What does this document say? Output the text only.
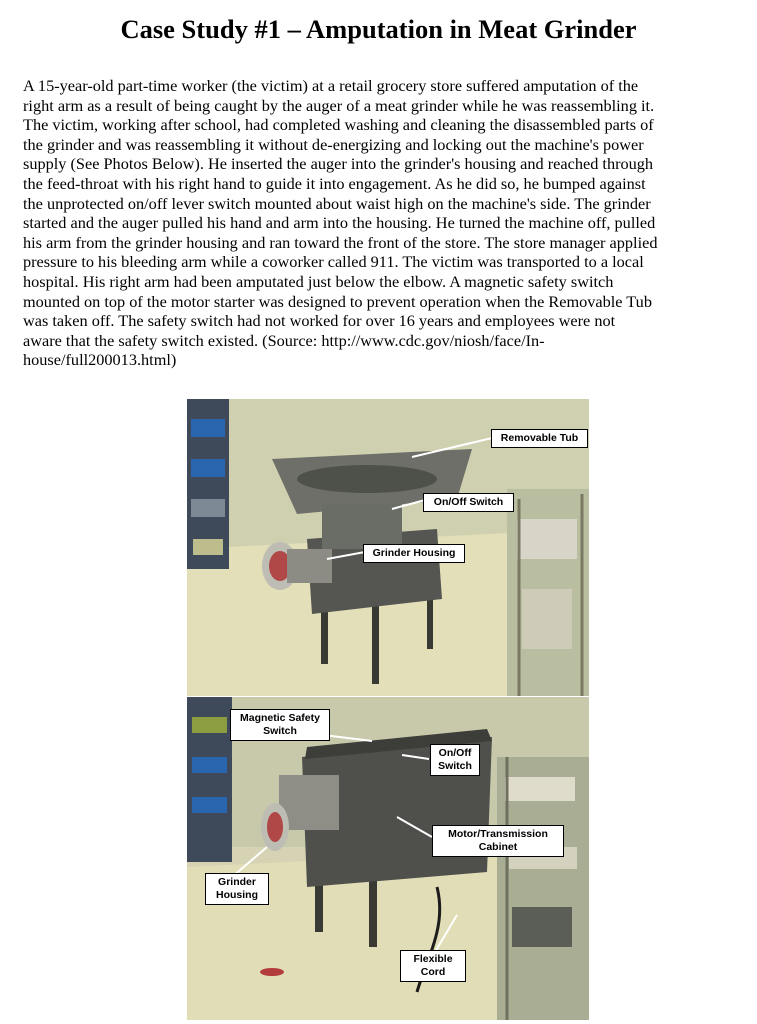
Case Study #1 – Amputation in Meat Grinder
A 15-year-old part-time worker (the victim) at a retail grocery store suffered amputation of the
right arm as a result of being caught by the auger of a meat grinder while he was reassembling it.
The victim, working after school, had completed washing and cleaning the disassembled parts of
the grinder and was reassembling it without de-energizing and locking out the machine's power
supply (See Photos Below). He inserted the auger into the grinder's housing and reached through
the feed-throat with his right hand to guide it into engagement. As he did so, he bumped against
the unprotected on/off lever switch mounted about waist high on the machine's side. The grinder
started and the auger pulled his hand and arm into the housing. He turned the machine off, pulled
his arm from the grinder housing and ran toward the front of the store. The store manager applied
pressure to his bleeding arm while a coworker called 911. The victim was transported to a local
hospital. His right arm had been amputated just below the elbow. A magnetic safety switch
mounted on top of the motor starter was designed to prevent operation when the Removable Tub
was taken off. The safety switch had not worked for over 16 years and employees were not
aware that the safety switch existed. (Source: http://www.cdc.gov/niosh/face/In-
house/full200013.html)
Removable Tub
On/Off Switch
Grinder Housing
Magnetic Safety Switch
On/Off Switch
Motor/Transmission Cabinet
Grinder Housing
Flexible Cord
